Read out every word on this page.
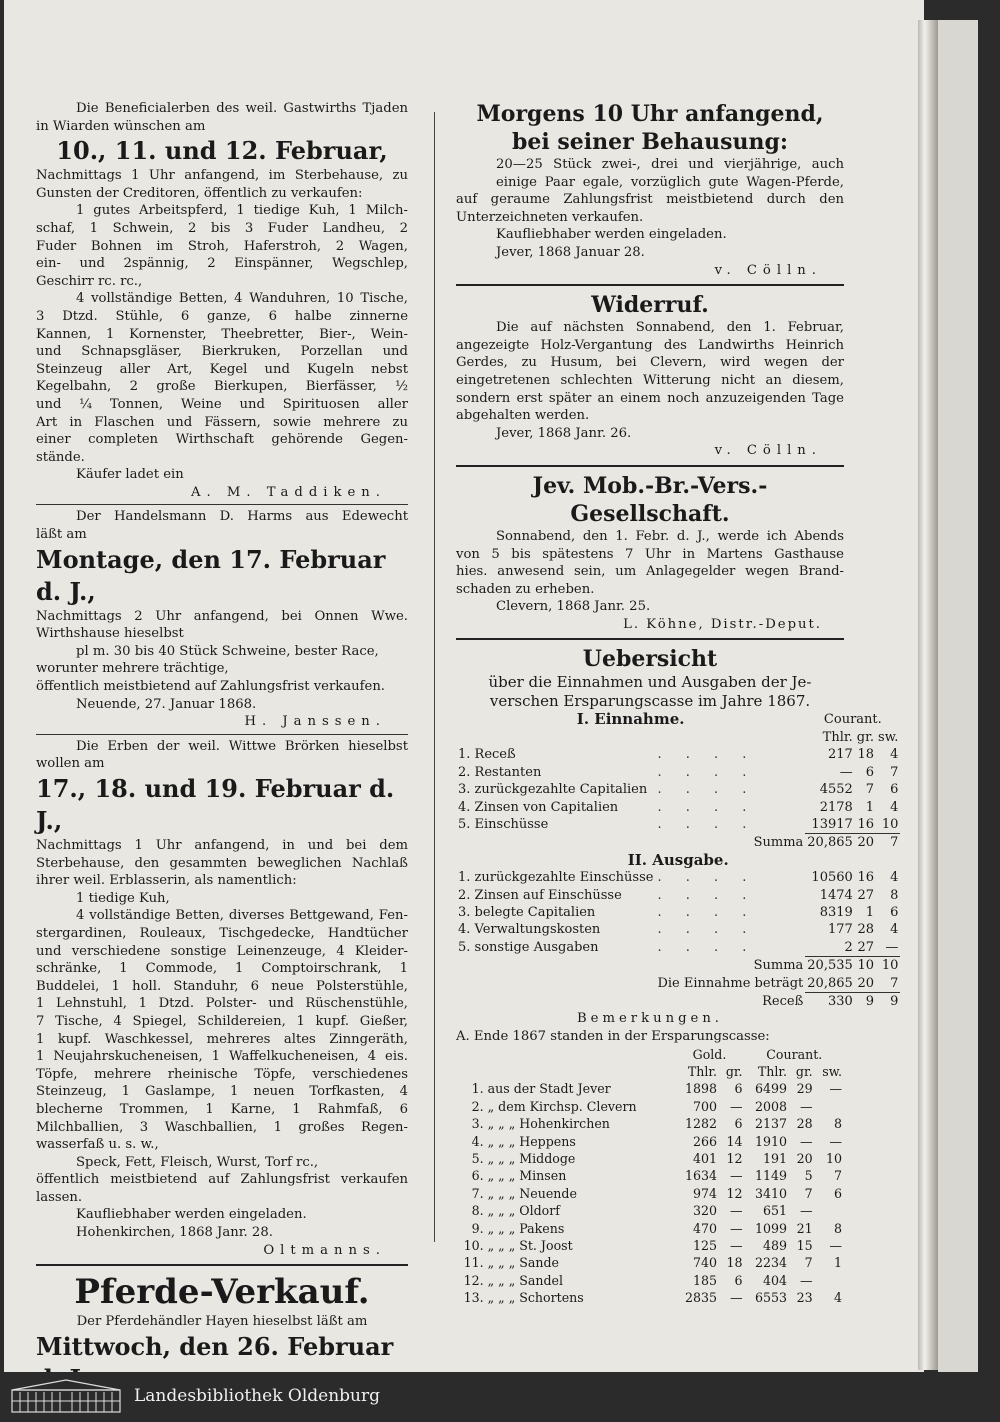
Die Beneficialerben des weil. Gastwirths Tjaden

in Wiarden wünschen am

10., 11. und 12. Februar,

Nachmittags 1 Uhr anfangend, im Sterbehause, zu

Gunsten der Creditoren, öffentlich zu verkaufen:

1 gutes Arbeitspferd, 1 tiedige Kuh, 1 Milch-

schaf, 1 Schwein, 2 bis 3 Fuder Landheu, 2

Fuder Bohnen im Stroh, Haferstroh, 2 Wagen,

ein- und 2spännig, 2 Einspänner, Wegschlep,

Geschirr rc. rc.,

4 vollständige Betten, 4 Wanduhren, 10 Tische,

3 Dtzd. Stühle, 6 ganze, 6 halbe zinnerne

Kannen, 1 Kornenster, Theebretter, Bier-, Wein-

und Schnapsgläser, Bierkruken, Porzellan und

Steinzeug aller Art, Kegel und Kugeln nebst

Kegelbahn, 2 große Bierkupen, Bierfässer, ½

und ¼ Tonnen, Weine und Spirituosen aller

Art in Flaschen und Fässern, sowie mehrere zu

einer completen Wirthschaft gehörende Gegen-

stände.

Käufer ladet ein

A. M. Taddiken.

Der Handelsmann D. Harms aus Edewecht

läßt am

Montage, den 17. Februar d. J.,

Nachmittags 2 Uhr anfangend, bei Onnen Wwe.

Wirthshause hieselbst

pl m. 30 bis 40 Stück Schweine, bester Race,

worunter mehrere trächtige,

öffentlich meistbietend auf Zahlungsfrist verkaufen.

Neuende, 27. Januar 1868.

H. Janssen.

Die Erben der weil. Wittwe Brörken hieselbst

wollen am

17., 18. und 19. Februar d. J.,

Nachmittags 1 Uhr anfangend, in und bei dem

Sterbehause, den gesammten beweglichen Nachlaß

ihrer weil. Erblasserin, als namentlich:

1 tiedige Kuh,

4 vollständige Betten, diverses Bettgewand, Fen-

stergardinen, Rouleaux, Tischgedecke, Handtücher

und verschiedene sonstige Leinenzeuge, 4 Kleider-

schränke, 1 Commode, 1 Comptoirschrank, 1

Buddelei, 1 holl. Standuhr, 6 neue Polsterstühle,

1 Lehnstuhl, 1 Dtzd. Polster- und Rüschenstühle,

7 Tische, 4 Spiegel, Schildereien, 1 kupf. Gießer,

1 kupf. Waschkessel, mehreres altes Zinngeräth,

1 Neujahrskucheneisen, 1 Waffelkucheneisen, 4 eis.

Töpfe, mehrere rheinische Töpfe, verschiedenes

Steinzeug, 1 Gaslampe, 1 neuen Torfkasten, 4

blecherne Trommen, 1 Karne, 1 Rahmfaß, 6

Milchballien, 3 Waschballien, 1 großes Regen-

wasserfaß u. s. w.,

Speck, Fett, Fleisch, Wurst, Torf rc.,

öffentlich meistbietend auf Zahlungsfrist verkaufen

lassen.

Kaufliebhaber werden eingeladen.

Hohenkirchen, 1868 Janr. 28.

Oltmanns.

Pferde-Verkauf.

Der Pferdehändler Hayen hieselbst läßt am

Mittwoch, den 26. Februar

Morgens 10 Uhr anfangend,

bei seiner Behausung:

20—25 Stück zwei-, drei und vierjährige, auch

einige Paar egale, vorzüglich gute Wagen-Pferde,

auf geraume Zahlungsfrist meistbietend durch den

Unterzeichneten verkaufen.

Kaufliebhaber werden eingeladen.

Jever, 1868 Januar 28.

v. Cölln.

Widerruf.

Die auf nächsten Sonnabend, den 1. Februar,

angezeigte Holz-Vergantung des Landwirths Heinrich

Gerdes, zu Husum, bei Clevern, wird wegen der

eingetretenen schlechten Witterung nicht an diesem,

sondern erst später an einem noch anzuzeigenden Tage

abgehalten werden.

Jever, 1868 Janr. 26.

v. Cölln.

Jev. Mob.-Br.-Vers.-Gesellschaft.

Sonnabend, den 1. Febr. d. J., werde ich Abends

von 5 bis spätestens 7 Uhr in Martens Gasthause

hies. anwesend sein, um Anlagegelder wegen Brand-

schaden zu erheben.

Clevern, 1868 Janr. 25.

L. Köhne, Distr.-Deput.

Uebersicht

über die Einnahmen und Ausgaben der Je-

verschen Ersparungscasse im Jahre 1867.

I. Einnahme.		Courant.		
		Thlr.	gr.	sw.
1. Receß	. . . .	217	18	4
2. Restanten	. . . .	—	6	7
3. zurückgezahlte Capitalien	. . . .	4552	7	6
4. Zinsen von Capitalien	. . . .	2178	1	4
5. Einschüsse	. . . .	13917	16	10
	Summa	20,865	20	7
II. Ausgabe.				
1. zurückgezahlte Einschüsse	. . . .	10560	16	4
2. Zinsen auf Einschüsse	. . . .	1474	27	8
3. belegte Capitalien	. . . .	8319	1	6
4. Verwaltungskosten	. . . .	177	28	4
5. sonstige Ausgaben	. . . .	2	27	—
	Summa	20,535	10	10
	Die Einnahme beträgt	20,865	20	7
	Receß	330	9	9

Bemerkungen.

A. Ende 1867 standen in der Ersparungscasse:

		Gold.		Courant.		
		Thlr.	gr.	Thlr.	gr.	sw.
1.	aus der Stadt Jever	1898	6	6499	29	—
2.	„ dem Kirchsp. Clevern	700	—	2008	—	
3.	„ „ „ Hohenkirchen	1282	6	2137	28	8
4.	„ „ „ Heppens	266	14	1910	—	—
5.	„ „ „ Middoge	401	12	191	20	10
6.	„ „ „ Minsen	1634	—	1149	5	7
7.	„ „ „ Neuende	974	12	3410	7	6
8.	„ „ „ Oldorf	320	—	651	—	
9.	„ „ „ Pakens	470	—	1099	21	8
10.	„ „ „ St. Joost	125	—	489	15	—
11.	„ „ „ Sande	740	18	2234	7	1
12.	„ „ „ Sandel	185	6	404	—	
13.	„ „ „ Schortens	2835	—	6553	23	4
Landesbibliothek Oldenburg
